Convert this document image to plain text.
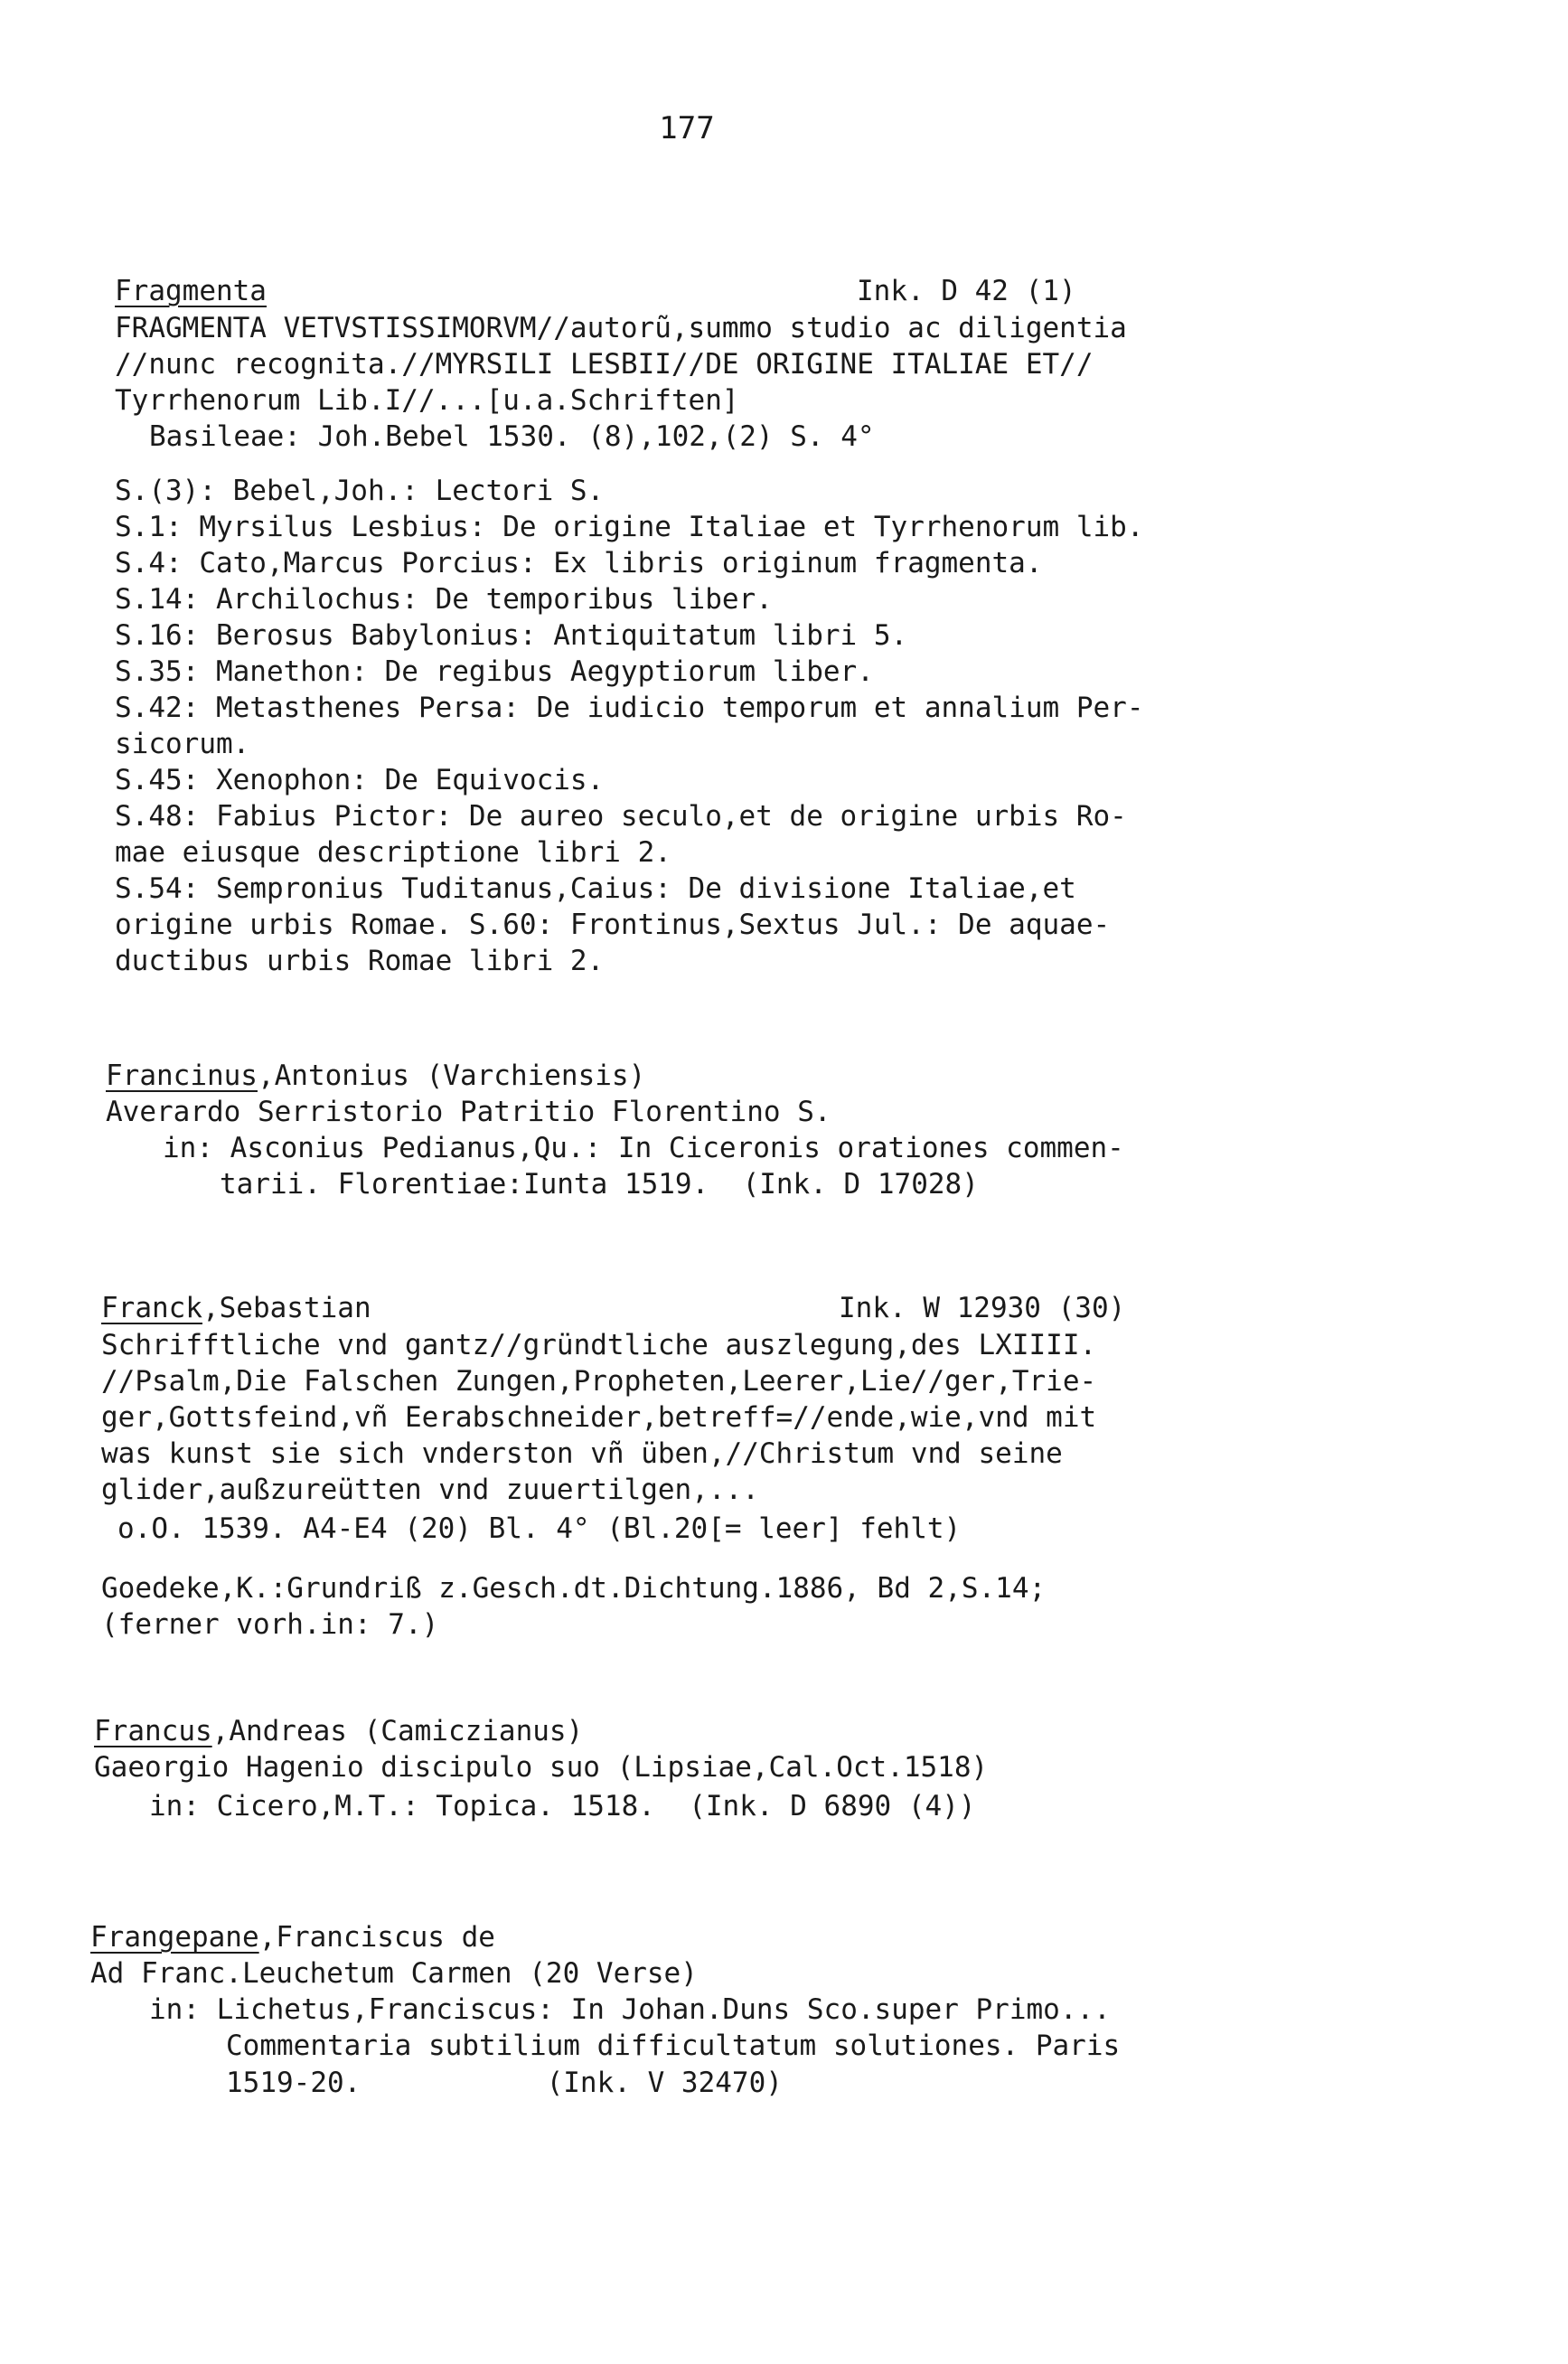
177
Fragmenta	Ink. D 42 (1)
FRAGMENTA VETVSTISSIMORVM//autorũ,summo studio ac diligentia
//nunc recognita.//MYRSILI LESBII//DE ORIGINE ITALIAE ET//
Tyrrhenorum Lib.I//...[u.a.Schriften]
Basileae: Joh.Bebel 1530. (8),102,(2) S. 4°
S.(3): Bebel,Joh.: Lectori S.
S.1: Myrsilus Lesbius: De origine Italiae et Tyrrhenorum lib.
S.4: Cato,Marcus Porcius: Ex libris originum fragmenta.
S.14: Archilochus: De temporibus liber.
S.16: Berosus Babylonius: Antiquitatum libri 5.
S.35: Manethon: De regibus Aegyptiorum liber.
S.42: Metasthenes Persa: De iudicio temporum et annalium Per-
sicorum.
S.45: Xenophon: De Equivocis.
S.48: Fabius Pictor: De aureo seculo,et de origine urbis Ro-
mae eiusque descriptione libri 2.
S.54: Sempronius Tuditanus,Caius: De divisione Italiae,et
origine urbis Romae. S.60: Frontinus,Sextus Jul.: De aquae-
ductibus urbis Romae libri 2.
Francinus,Antonius (Varchiensis)
Averardo Serristorio Patritio Florentino S.
in: Asconius Pedianus,Qu.: In Ciceronis orationes commen-
tarii. Florentiae:Iunta 1519.  (Ink. D 17028)
Franck,Sebastian	Ink. W 12930 (30)
Schrifftliche vnd gantz//gründtliche auszlegung,des LXIIII.
//Psalm,Die Falschen Zungen,Propheten,Leerer,Lie//ger,Trie-
ger,Gottsfeind,vñ Eerabschneider,betreff=//ende,wie,vnd mit
was kunst sie sich vnderston vñ üben,//Christum vnd seine
glider,außzureütten vnd zuuertilgen,...
o.O. 1539. A4-E4 (20) Bl. 4° (Bl.20[= leer] fehlt)
Goedeke,K.:Grundriß z.Gesch.dt.Dichtung.1886, Bd 2,S.14;
(ferner vorh.in: 7.)
Francus,Andreas (Camiczianus)
Gaeorgio Hagenio discipulo suo (Lipsiae,Cal.Oct.1518)
in: Cicero,M.T.: Topica. 1518.  (Ink. D 6890 (4))
Frangepane,Franciscus de
Ad Franc.Leuchetum Carmen (20 Verse)
in: Lichetus,Franciscus: In Johan.Duns Sco.super Primo...
Commentaria subtilium difficultatum solutiones. Paris
1519-20.           (Ink. V 32470)
